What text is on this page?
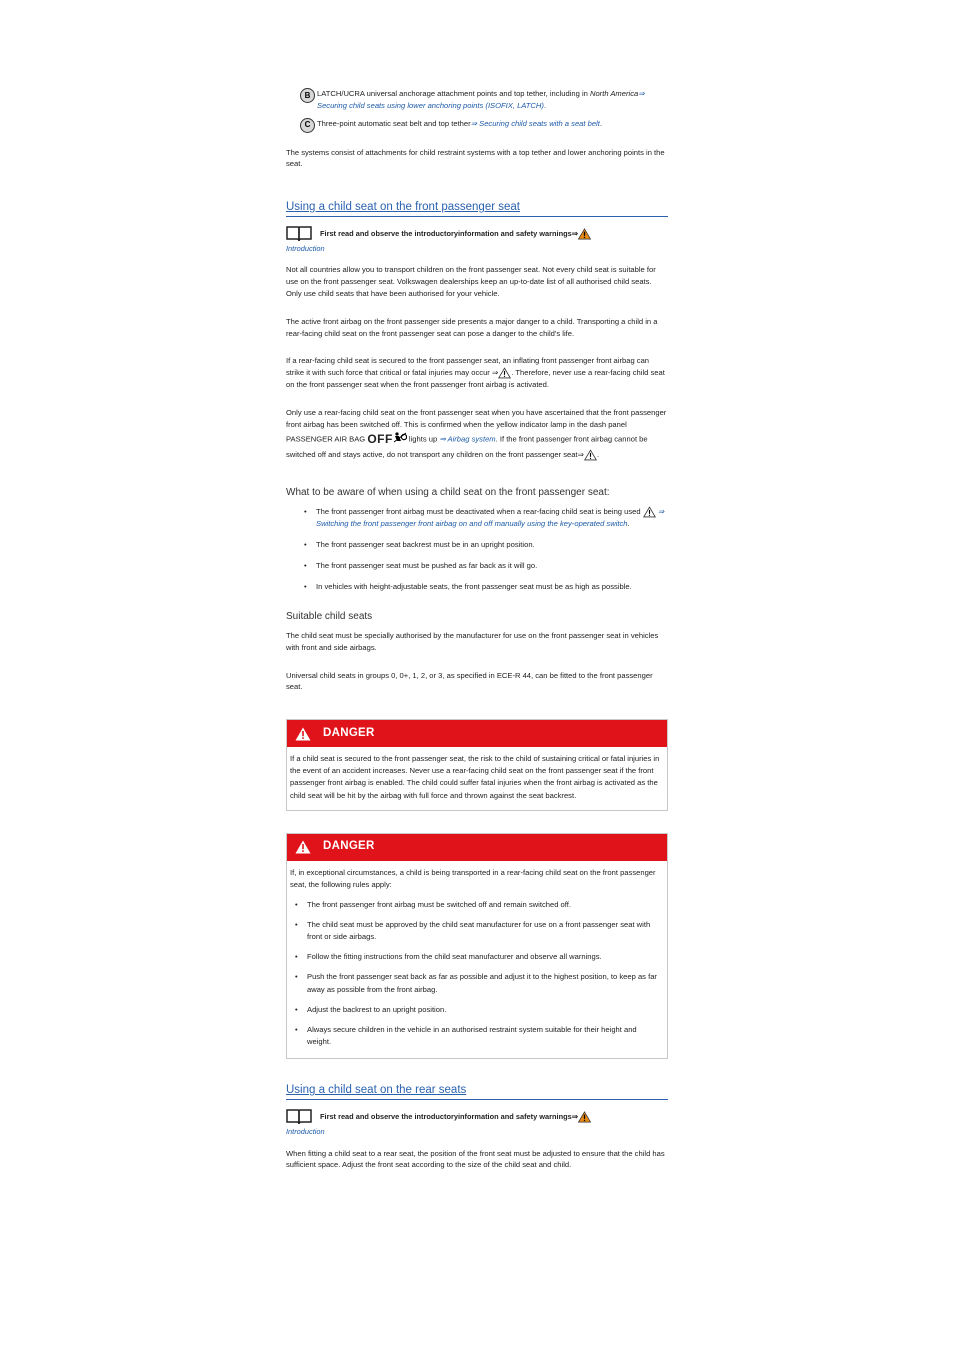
B LATCH/UCRA universal anchorage attachment points and top tether, including in North America⇒ Securing child seats using lower anchoring points (ISOFIX, LATCH).
C Three-point automatic seat belt and top tether⇒ Securing child seats with a seat belt.

The systems consist of attachments for child restraint systems with a top tether and lower anchoring points in the seat.

Using a child seat on the front passenger seat
First read and observe the introductoryinformation and safety warnings ⇒
Introduction

Not all countries allow you to transport children on the front passenger seat. Not every child seat is suitable for use on the front passenger seat. Volkswagen dealerships keep an up-to-date list of all authorised child seats. Only use child seats that have been authorised for your vehicle.

The active front airbag on the front passenger side presents a major danger to a child. Transporting a child in a rear-facing child seat on the front passenger seat can pose a danger to the child's life.

If a rear-facing child seat is secured to the front passenger seat, an inflating front passenger front airbag can strike it with such force that critical or fatal injuries may occur ⇒ . Therefore, never use a rear-facing child seat on the front passenger seat when the front passenger front airbag is activated.

Only use a rear-facing child seat on the front passenger seat when you have ascertained that the front passenger front airbag has been switched off. This is confirmed when the yellow indicator lamp in the dash panel PASSENGER AIR BAG OFF lights up ⇒ Airbag system. If the front passenger front airbag cannot be switched off and stays active, do not transport any children on the front passenger seat⇒ .

What to be aware of when using a child seat on the front passenger seat:
• The front passenger front airbag must be deactivated when a rear-facing child seat is being used  ⇒ Switching the front passenger front airbag on and off manually using the key-operated switch.
• The front passenger seat backrest must be in an upright position.
• The front passenger seat must be pushed as far back as it will go.
• In vehicles with height-adjustable seats, the front passenger seat must be as high as possible.
Suitable child seats

The child seat must be specially authorised by the manufacturer for use on the front passenger seat in vehicles with front and side airbags.

Universal child seats in groups 0, 0+, 1, 2, or 3, as specified in ECE-R 44, can be fitted to the front passenger seat.

DANGER

If a child seat is secured to the front passenger seat, the risk to the child of sustaining critical or fatal injuries in the event of an accident increases. Never use a rear-facing child seat on the front passenger seat if the front passenger front airbag is enabled. The child could suffer fatal injuries when the front airbag is activated as the child seat will be hit by the airbag with full force and thrown against the seat backrest.

DANGER

If, in exceptional circumstances, a child is being transported in a rear-facing child seat on the front passenger seat, the following rules apply:

• The front passenger front airbag must be switched off and remain switched off.
• The child seat must be approved by the child seat manufacturer for use on a front passenger seat with front or side airbags.
• Follow the fitting instructions from the child seat manufacturer and observe all warnings.
• Push the front passenger seat back as far as possible and adjust it to the highest position, to keep as far away as possible from the front airbag.
• Adjust the backrest to an upright position.
• Always secure children in the vehicle in an authorised restraint system suitable for their height and weight.
Using a child seat on the rear seats
First read and observe the introductoryinformation and safety warnings ⇒
Introduction

When fitting a child seat to a rear seat, the position of the front seat must be adjusted to ensure that the child has sufficient space. Adjust the front seat according to the size of the child seat and child.
